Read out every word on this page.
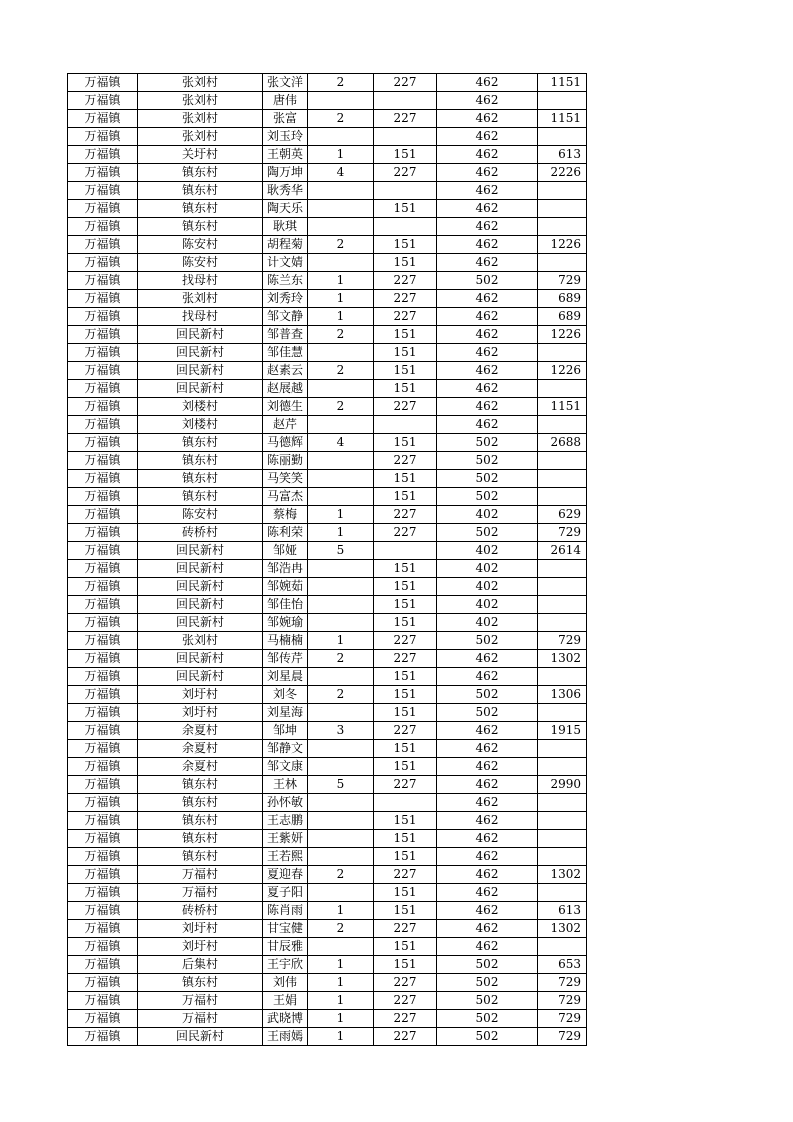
万福镇	张刘村	张文洋	2	227	462	1151
万福镇	张刘村	唐伟			462	
万福镇	张刘村	张富	2	227	462	1151
万福镇	张刘村	刘玉玲			462	
万福镇	关圩村	王朝英	1	151	462	613
万福镇	镇东村	陶万坤	4	227	462	2226
万福镇	镇东村	耿秀华			462	
万福镇	镇东村	陶天乐		151	462	
万福镇	镇东村	耿琪			462	
万福镇	陈安村	胡程菊	2	151	462	1226
万福镇	陈安村	计文婧		151	462	
万福镇	找母村	陈兰东	1	227	502	729
万福镇	张刘村	刘秀玲	1	227	462	689
万福镇	找母村	邹文静	1	227	462	689
万福镇	回民新村	邹普查	2	151	462	1226
万福镇	回民新村	邹佳慧		151	462	
万福镇	回民新村	赵素云	2	151	462	1226
万福镇	回民新村	赵展越		151	462	
万福镇	刘楼村	刘德生	2	227	462	1151
万福镇	刘楼村	赵芹			462	
万福镇	镇东村	马德辉	4	151	502	2688
万福镇	镇东村	陈丽勤		227	502	
万福镇	镇东村	马笑笑		151	502	
万福镇	镇东村	马富杰		151	502	
万福镇	陈安村	蔡梅	1	227	402	629
万福镇	砖桥村	陈利荣	1	227	502	729
万福镇	回民新村	邹娅	5		402	2614
万福镇	回民新村	邹浩冉		151	402	
万福镇	回民新村	邹婉茹		151	402	
万福镇	回民新村	邹佳怡		151	402	
万福镇	回民新村	邹婉瑜		151	402	
万福镇	张刘村	马楠楠	1	227	502	729
万福镇	回民新村	邹传芹	2	227	462	1302
万福镇	回民新村	刘星晨		151	462	
万福镇	刘圩村	刘冬	2	151	502	1306
万福镇	刘圩村	刘星海		151	502	
万福镇	余夏村	邹坤	3	227	462	1915
万福镇	余夏村	邹静文		151	462	
万福镇	余夏村	邹文康		151	462	
万福镇	镇东村	王林	5	227	462	2990
万福镇	镇东村	孙怀敏			462	
万福镇	镇东村	王志鹏		151	462	
万福镇	镇东村	王紫妍		151	462	
万福镇	镇东村	王若熙		151	462	
万福镇	万福村	夏迎春	2	227	462	1302
万福镇	万福村	夏子阳		151	462	
万福镇	砖桥村	陈肖雨	1	151	462	613
万福镇	刘圩村	甘宝健	2	227	462	1302
万福镇	刘圩村	甘辰雅		151	462	
万福镇	后集村	王宇欣	1	151	502	653
万福镇	镇东村	刘伟	1	227	502	729
万福镇	万福村	王娟	1	227	502	729
万福镇	万福村	武晓博	1	227	502	729
万福镇	回民新村	王雨嫣	1	227	502	729
